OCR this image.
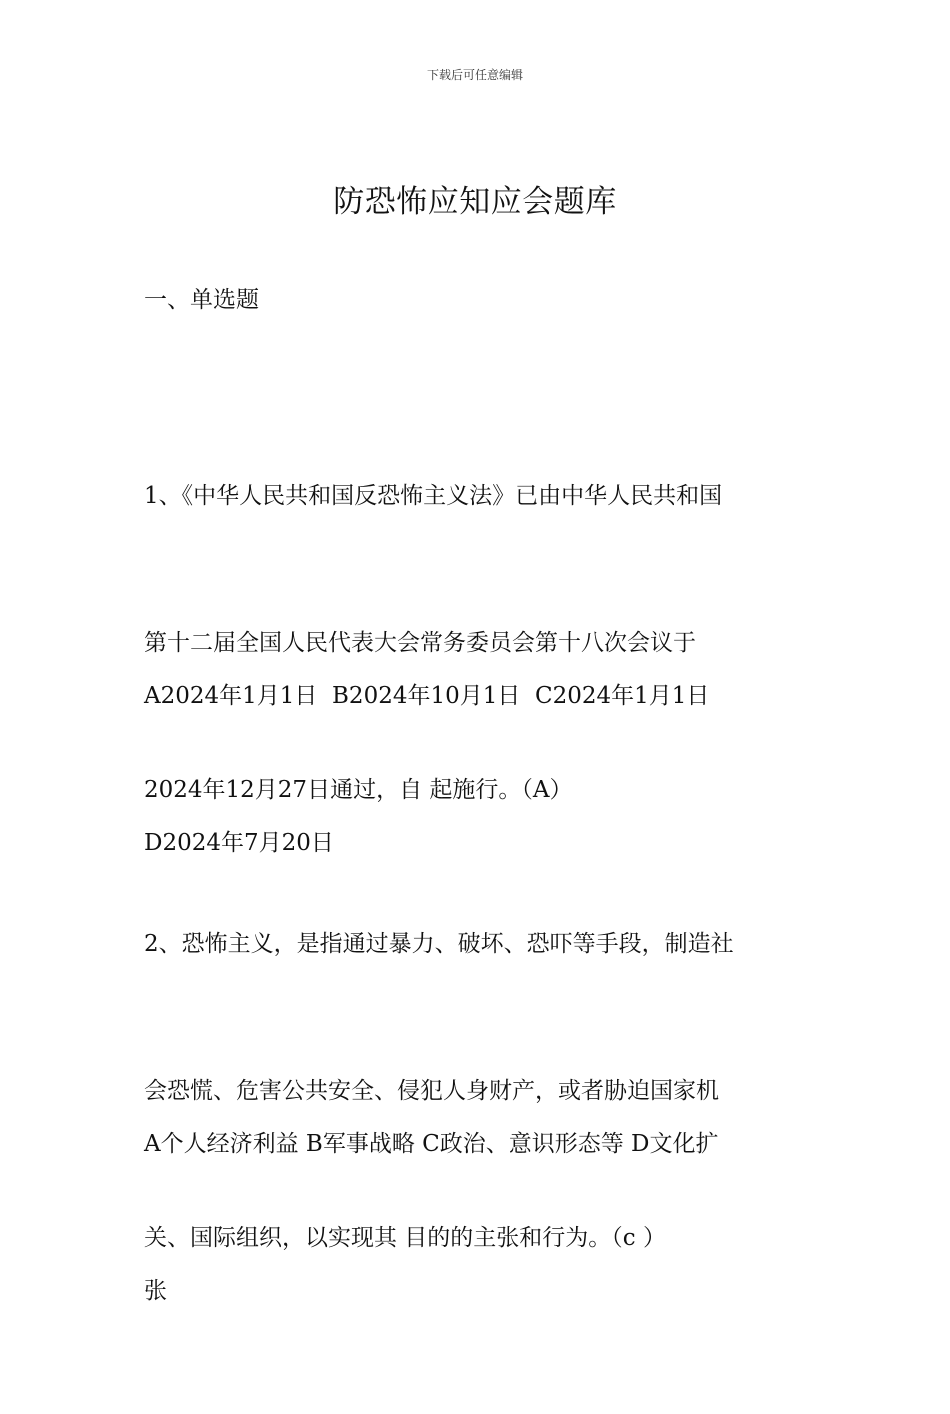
下载后可任意编辑
防恐怖应知应会题库
一、单选题

1、《中华人民共和国反恐怖主义法》已由中华人民共和国

第十二届全国人民代表大会常务委员会第十八次会议于

2024年12月27日通过，自 起施行。（A）

A2024年1月1日  B2024年10月1日  C2024年1月1日

D2024年7月20日

2、恐怖主义，是指通过暴力、破坏、恐吓等手段，制造社

会恐慌、危害公共安全、侵犯人身财产，或者胁迫国家机

关、国际组织，以实现其 目的的主张和行为。（c ）

A个人经济利益 B军事战略 C政治、意识形态等 D文化扩

张
